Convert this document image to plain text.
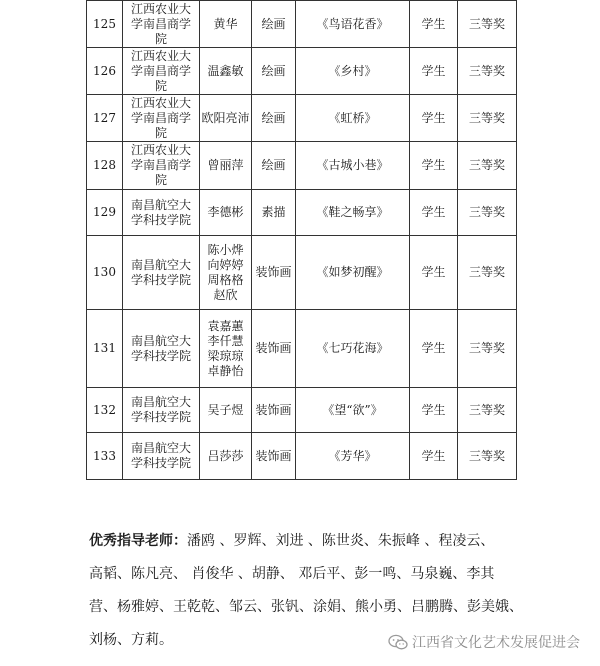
125	江西农业大
学南昌商学
院	黄华	绘画	《鸟语花香》	学生	三等奖
126	江西农业大
学南昌商学
院	温鑫敏	绘画	《乡村》	学生	三等奖
127	江西农业大
学南昌商学
院	欧阳亮沛	绘画	《虹桥》	学生	三等奖
128	江西农业大
学南昌商学
院	曾丽萍	绘画	《古城小巷》	学生	三等奖
129	南昌航空大
学科技学院	李德彬	素描	《鞋之畅享》	学生	三等奖
130	南昌航空大
学科技学院	陈小烨
向婷婷
周格格
赵欣	装饰画	《如梦初醒》	学生	三等奖
131	南昌航空大
学科技学院	袁嘉蕙
李仟慧
梁琼琼
卓静怡	装饰画	《七巧花海》	学生	三等奖
132	南昌航空大
学科技学院	吴子煜	装饰画	《望“欲”》	学生	三等奖
133	南昌航空大
学科技学院	吕莎莎	装饰画	《芳华》	学生	三等奖
优秀指导老师：潘鸥 、罗辉、刘进 、陈世炎、朱振峰 、程凌云、
高韬、陈凡亮、 肖俊华 、胡静、 邓后平、彭一鸣、马泉巍、李其
营、杨雅婷、王乾乾、邹云、张钒、涂娟、熊小勇、吕鹏腾、彭美娥、
刘杨、方莉。	江西省文化艺术发展促进会
